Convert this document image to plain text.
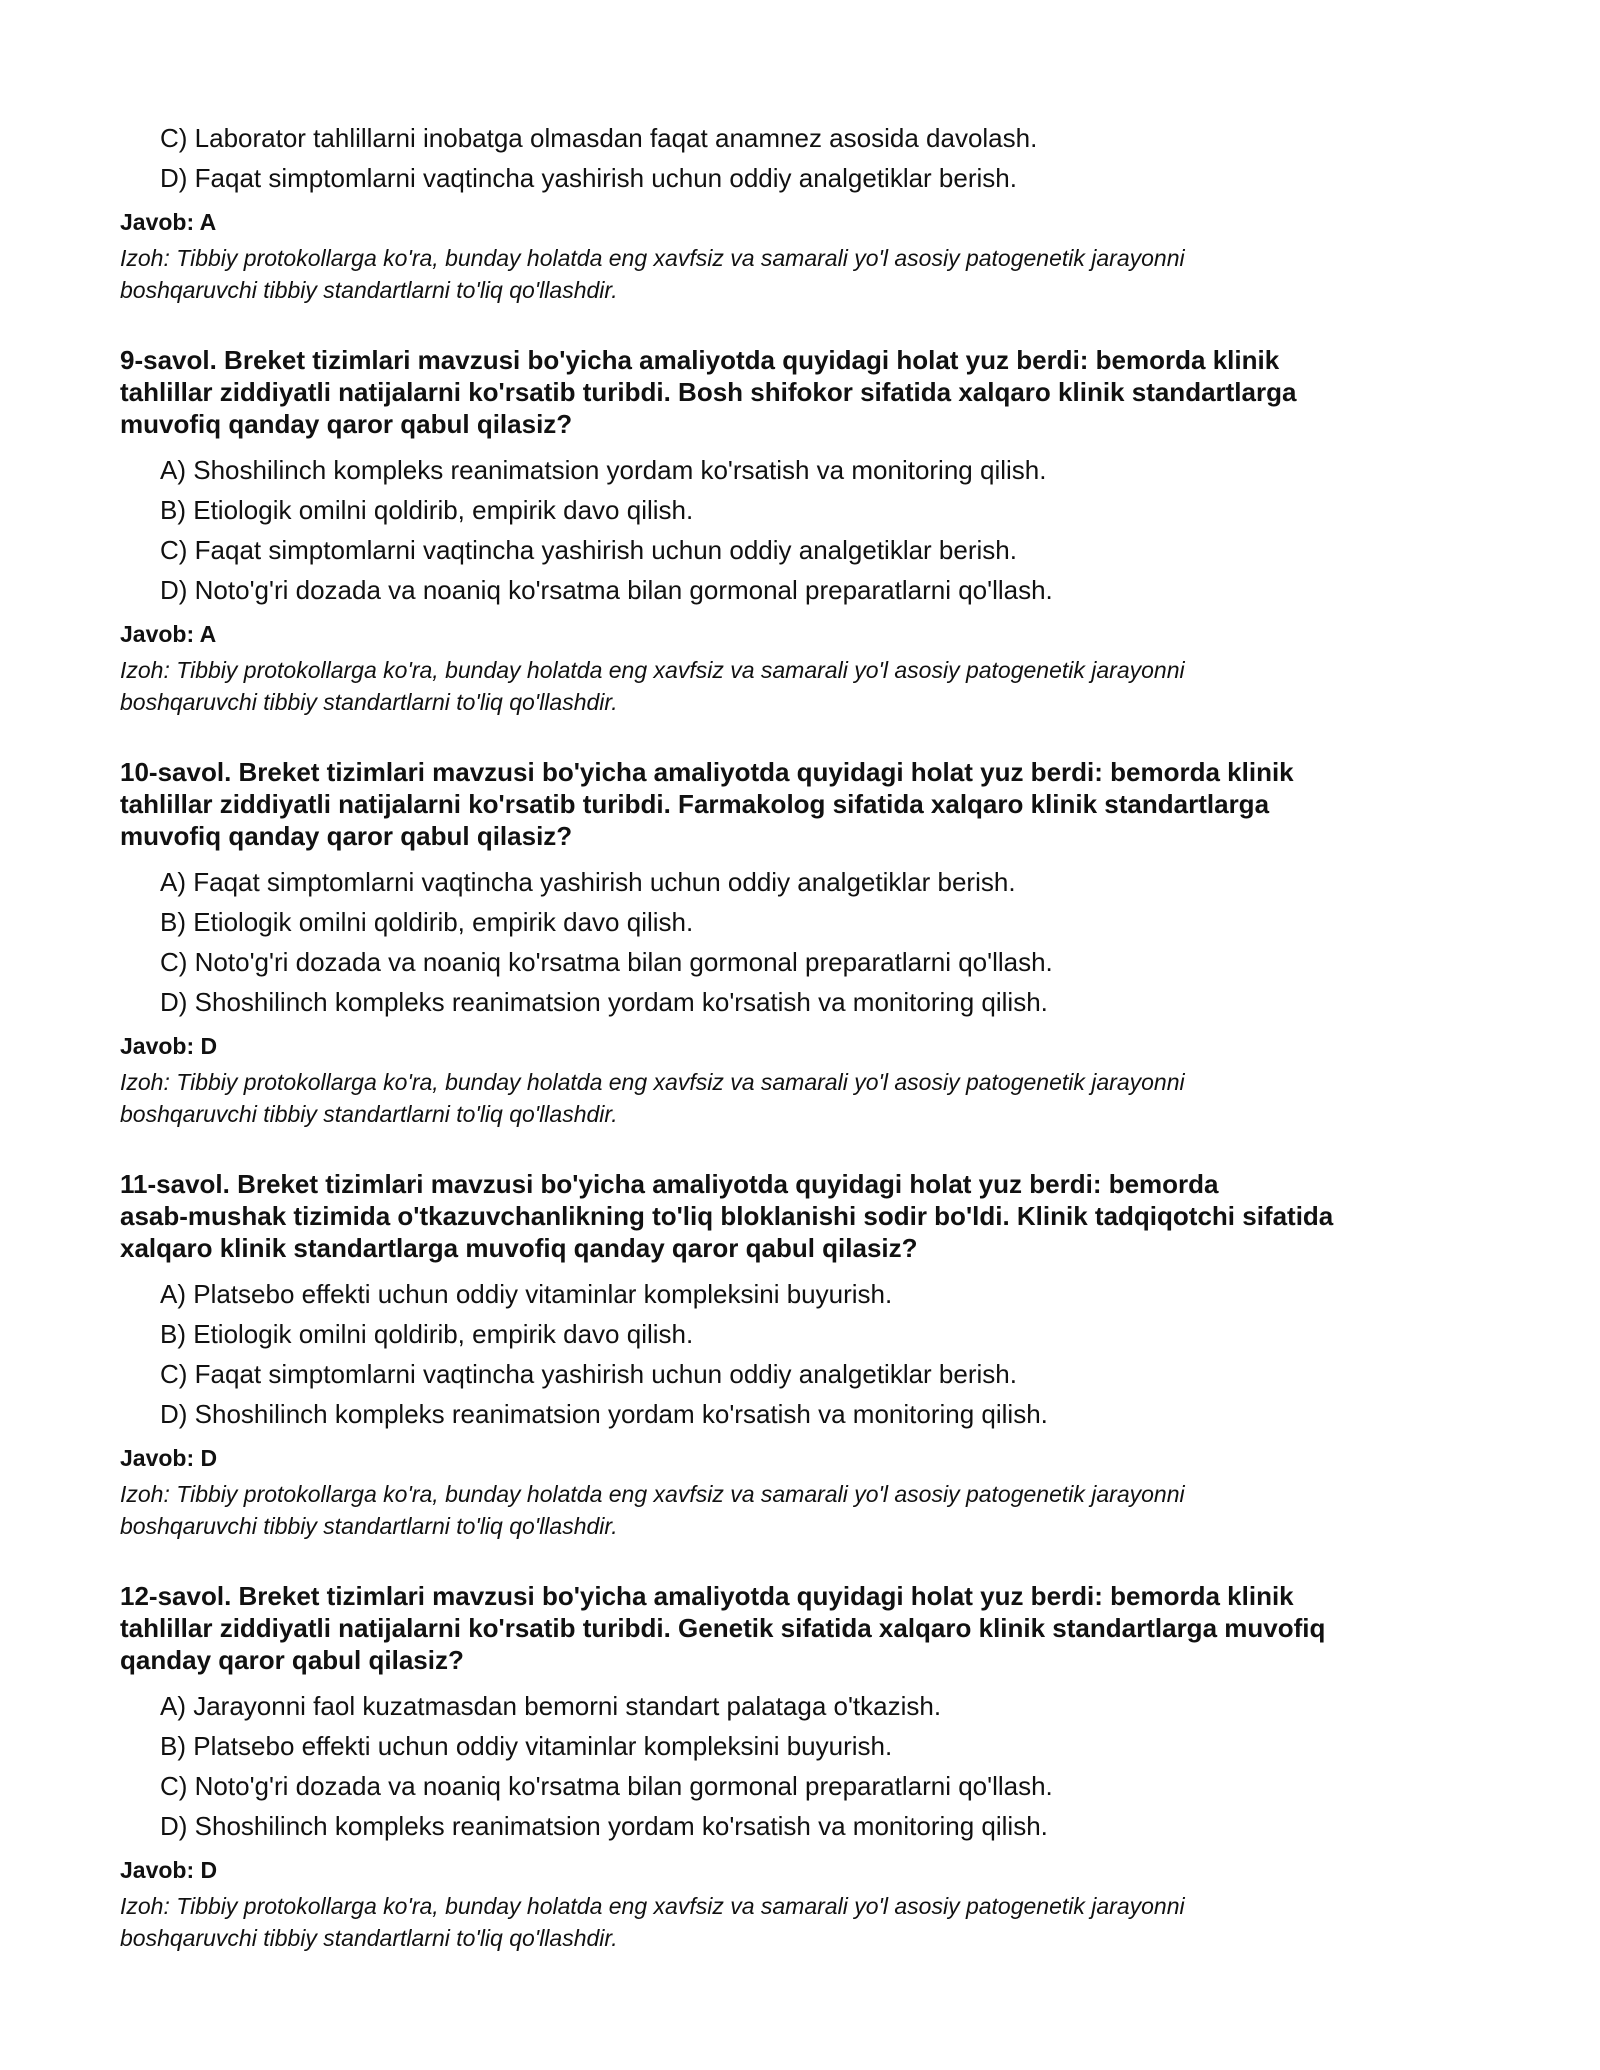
C) Laborator tahlillarni inobatga olmasdan faqat anamnez asosida davolash.
D) Faqat simptomlarni vaqtincha yashirish uchun oddiy analgetiklar berish.
Javob: A
Izoh: Tibbiy protokollarga ko'ra, bunday holatda eng xavfsiz va samarali yo'l asosiy patogenetik jarayonni
boshqaruvchi tibbiy standartlarni to'liq qo'llashdir.
9-savol. Breket tizimlari mavzusi bo'yicha amaliyotda quyidagi holat yuz berdi: bemorda klinik
tahlillar ziddiyatli natijalarni ko'rsatib turibdi. Bosh shifokor sifatida xalqaro klinik standartlarga
muvofiq qanday qaror qabul qilasiz?
A) Shoshilinch kompleks reanimatsion yordam ko'rsatish va monitoring qilish.
B) Etiologik omilni qoldirib, empirik davo qilish.
C) Faqat simptomlarni vaqtincha yashirish uchun oddiy analgetiklar berish.
D) Noto'g'ri dozada va noaniq ko'rsatma bilan gormonal preparatlarni qo'llash.
Javob: A
Izoh: Tibbiy protokollarga ko'ra, bunday holatda eng xavfsiz va samarali yo'l asosiy patogenetik jarayonni
boshqaruvchi tibbiy standartlarni to'liq qo'llashdir.
10-savol. Breket tizimlari mavzusi bo'yicha amaliyotda quyidagi holat yuz berdi: bemorda klinik
tahlillar ziddiyatli natijalarni ko'rsatib turibdi. Farmakolog sifatida xalqaro klinik standartlarga
muvofiq qanday qaror qabul qilasiz?
A) Faqat simptomlarni vaqtincha yashirish uchun oddiy analgetiklar berish.
B) Etiologik omilni qoldirib, empirik davo qilish.
C) Noto'g'ri dozada va noaniq ko'rsatma bilan gormonal preparatlarni qo'llash.
D) Shoshilinch kompleks reanimatsion yordam ko'rsatish va monitoring qilish.
Javob: D
Izoh: Tibbiy protokollarga ko'ra, bunday holatda eng xavfsiz va samarali yo'l asosiy patogenetik jarayonni
boshqaruvchi tibbiy standartlarni to'liq qo'llashdir.
11-savol. Breket tizimlari mavzusi bo'yicha amaliyotda quyidagi holat yuz berdi: bemorda
asab-mushak tizimida o'tkazuvchanlikning to'liq bloklanishi sodir bo'ldi. Klinik tadqiqotchi sifatida
xalqaro klinik standartlarga muvofiq qanday qaror qabul qilasiz?
A) Platsebo effekti uchun oddiy vitaminlar kompleksini buyurish.
B) Etiologik omilni qoldirib, empirik davo qilish.
C) Faqat simptomlarni vaqtincha yashirish uchun oddiy analgetiklar berish.
D) Shoshilinch kompleks reanimatsion yordam ko'rsatish va monitoring qilish.
Javob: D
Izoh: Tibbiy protokollarga ko'ra, bunday holatda eng xavfsiz va samarali yo'l asosiy patogenetik jarayonni
boshqaruvchi tibbiy standartlarni to'liq qo'llashdir.
12-savol. Breket tizimlari mavzusi bo'yicha amaliyotda quyidagi holat yuz berdi: bemorda klinik
tahlillar ziddiyatli natijalarni ko'rsatib turibdi. Genetik sifatida xalqaro klinik standartlarga muvofiq
qanday qaror qabul qilasiz?
A) Jarayonni faol kuzatmasdan bemorni standart palataga o'tkazish.
B) Platsebo effekti uchun oddiy vitaminlar kompleksini buyurish.
C) Noto'g'ri dozada va noaniq ko'rsatma bilan gormonal preparatlarni qo'llash.
D) Shoshilinch kompleks reanimatsion yordam ko'rsatish va monitoring qilish.
Javob: D
Izoh: Tibbiy protokollarga ko'ra, bunday holatda eng xavfsiz va samarali yo'l asosiy patogenetik jarayonni
boshqaruvchi tibbiy standartlarni to'liq qo'llashdir.
